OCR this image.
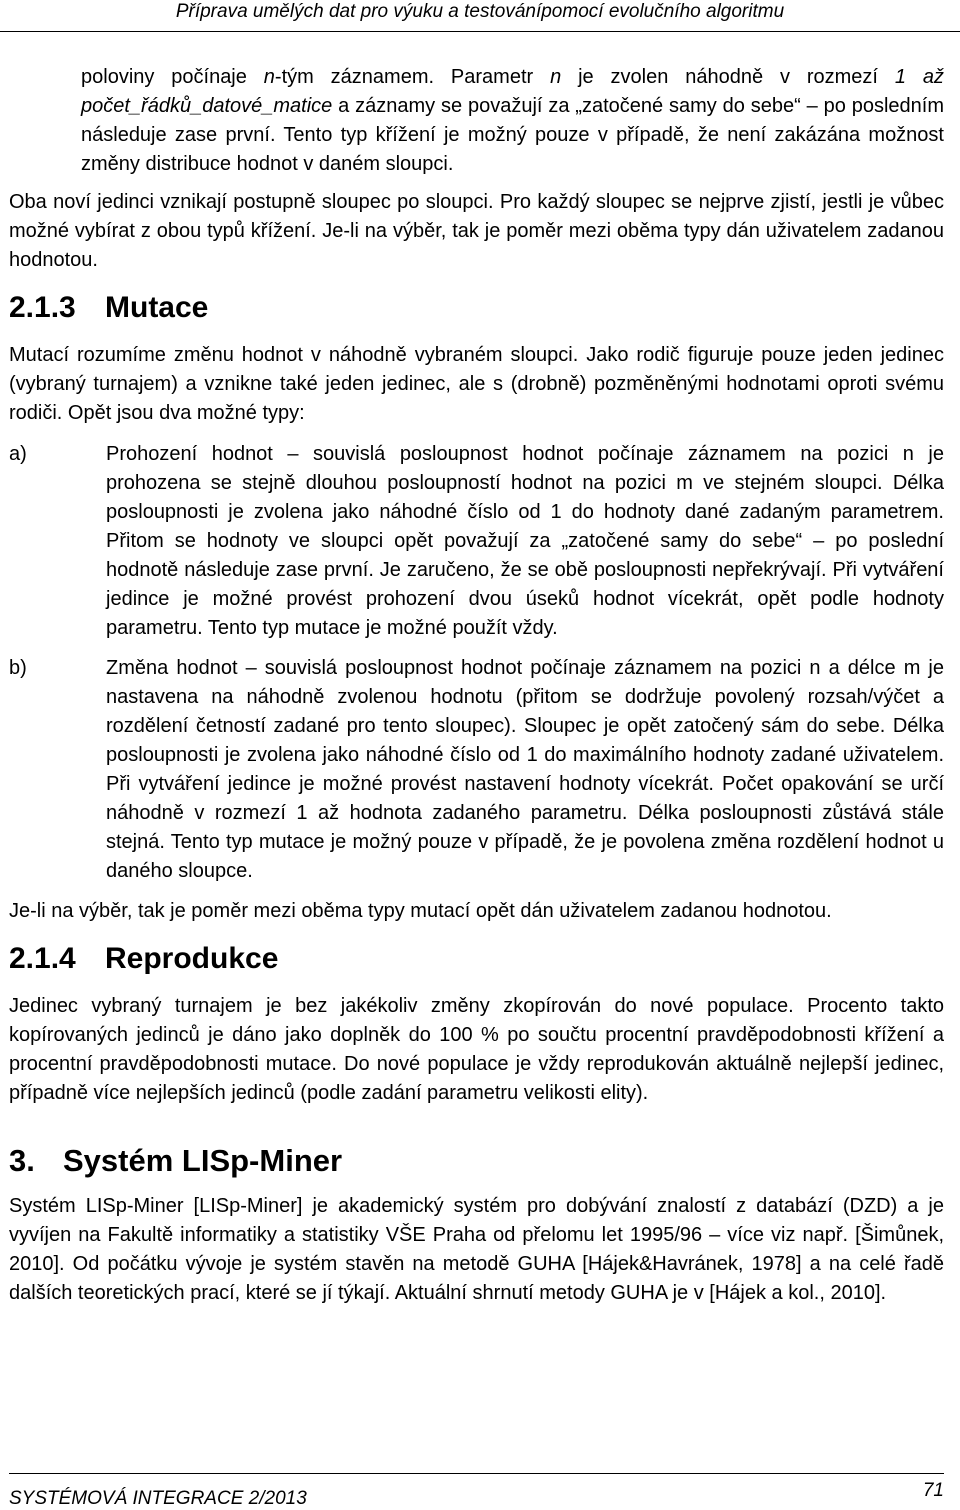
Příprava umělých dat pro výuku a testovánípomocí evolučního algoritmu

poloviny počínaje n-tým záznamem. Parametr n je zvolen náhodně v rozmezí 1 až počet_řádků_datové_matice a záznamy se považují za „zatočené samy do sebe“ – po posledním následuje zase první. Tento typ křížení je možný pouze v případě, že není zakázána možnost změny distribuce hodnot v daném sloupci.

Oba noví jedinci vznikají postupně sloupec po sloupci. Pro každý sloupec se nejprve zjistí, jestli je vůbec možné vybírat z obou typů křížení. Je-li na výběr, tak je poměr mezi oběma typy dán uživatelem zadanou hodnotou.

2.1.3 Mutace

Mutací rozumíme změnu hodnot v náhodně vybraném sloupci. Jako rodič figuruje pouze jeden jedinec (vybraný turnajem) a vznikne také jeden jedinec, ale s (drobně) pozměněnými hodnotami oproti svému rodiči. Opět jsou dva možné typy:

a)	Prohození hodnot – souvislá posloupnost hodnot počínaje záznamem na pozici n je prohozena se stejně dlouhou posloupností hodnot na pozici m ve stejném sloupci. Délka posloupnosti je zvolena jako náhodné číslo od 1 do hodnoty dané zadaným parametrem. Přitom se hodnoty ve sloupci opět považují za „zatočené samy do sebe“ – po poslední hodnotě následuje zase první. Je zaručeno, že se obě posloupnosti nepřekrývají. Při vytváření jedince je možné provést prohození dvou úseků hodnot vícekrát, opět podle hodnoty parametru. Tento typ mutace je možné použít vždy.
b)	Změna hodnot – souvislá posloupnost hodnot počínaje záznamem na pozici n a délce m je nastavena na náhodně zvolenou hodnotu (přitom se dodržuje povolený rozsah/výčet a rozdělení četností zadané pro tento sloupec). Sloupec je opět zatočený sám do sebe. Délka posloupnosti je zvolena jako náhodné číslo od 1 do maximálního hodnoty zadané uživatelem. Při vytváření jedince je možné provést nastavení hodnoty vícekrát. Počet opakování se určí náhodně v rozmezí 1 až hodnota zadaného parametru. Délka posloupnosti zůstává stále stejná. Tento typ mutace je možný pouze v případě, že je povolena změna rozdělení hodnot u daného sloupce.

Je-li na výběr, tak je poměr mezi oběma typy mutací opět dán uživatelem zadanou hodnotou.

2.1.4 Reprodukce

Jedinec vybraný turnajem je bez jakékoliv změny zkopírován do nové populace. Procento takto kopírovaných jedinců je dáno jako doplněk do 100 % po součtu procentní pravděpodobnosti křížení a procentní pravděpodobnosti mutace. Do nové populace je vždy reprodukován aktuálně nejlepší jedinec, případně více nejlepších jedinců (podle zadání parametru velikosti elity).

3. Systém LISp-Miner

Systém LISp-Miner [LISp-Miner] je akademický systém pro dobývání znalostí z databází (DZD) a je vyvíjen na Fakultě informatiky a statistiky VŠE Praha od přelomu let 1995/96 – více viz např. [Šimůnek, 2010]. Od počátku vývoje je systém stavěn na metodě GUHA [Hájek&Havránek, 1978] a na celé řadě dalších teoretických prací, které se jí týkají. Aktuální shrnutí metody GUHA je v [Hájek a kol., 2010].

SYSTÉMOVÁ INTEGRACE 2/2013	71
